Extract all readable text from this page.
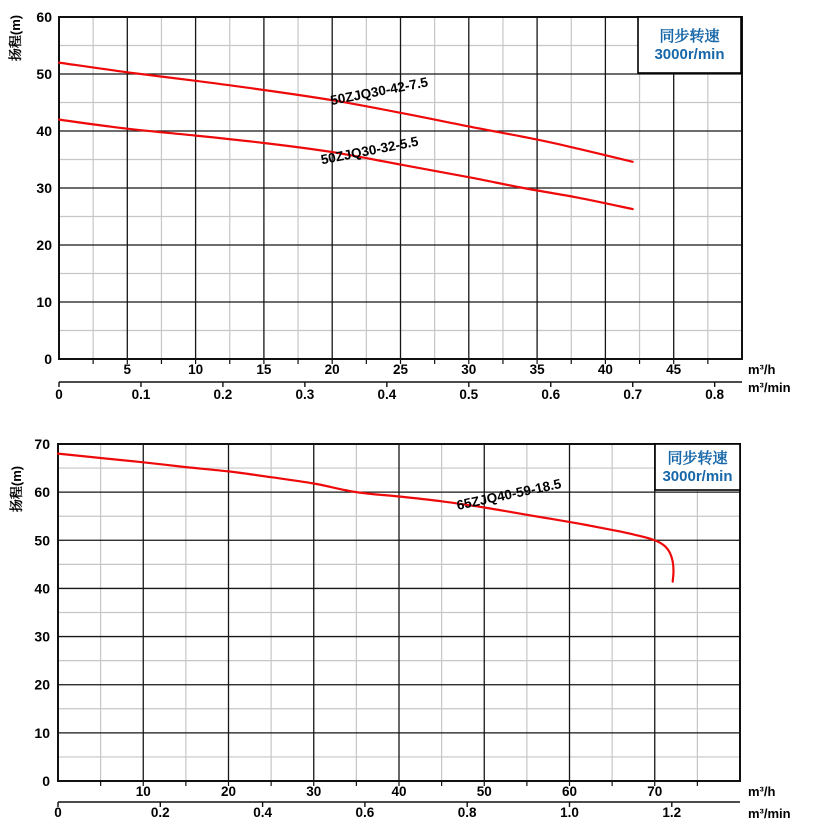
同步转速
3000r/min
50ZJQ30-42-7.5
50ZJQ30-32-5.5
0
10
20
30
40
50
60
扬程(m)
5	10	15	20	25	30	35	40	45
0	0.1	0.2	0.3	0.4	0.5	0.6	0.7	0.8
m³/h
m³/min
同步转速
3000r/min
65ZJQ40-59-18.5
0
10
20
30
40
50
60
70
扬程(m)
10	20	30	40	50	60	70
0	0.2	0.4	0.6	0.8	1.0	1.2
m³/h
m³/min
